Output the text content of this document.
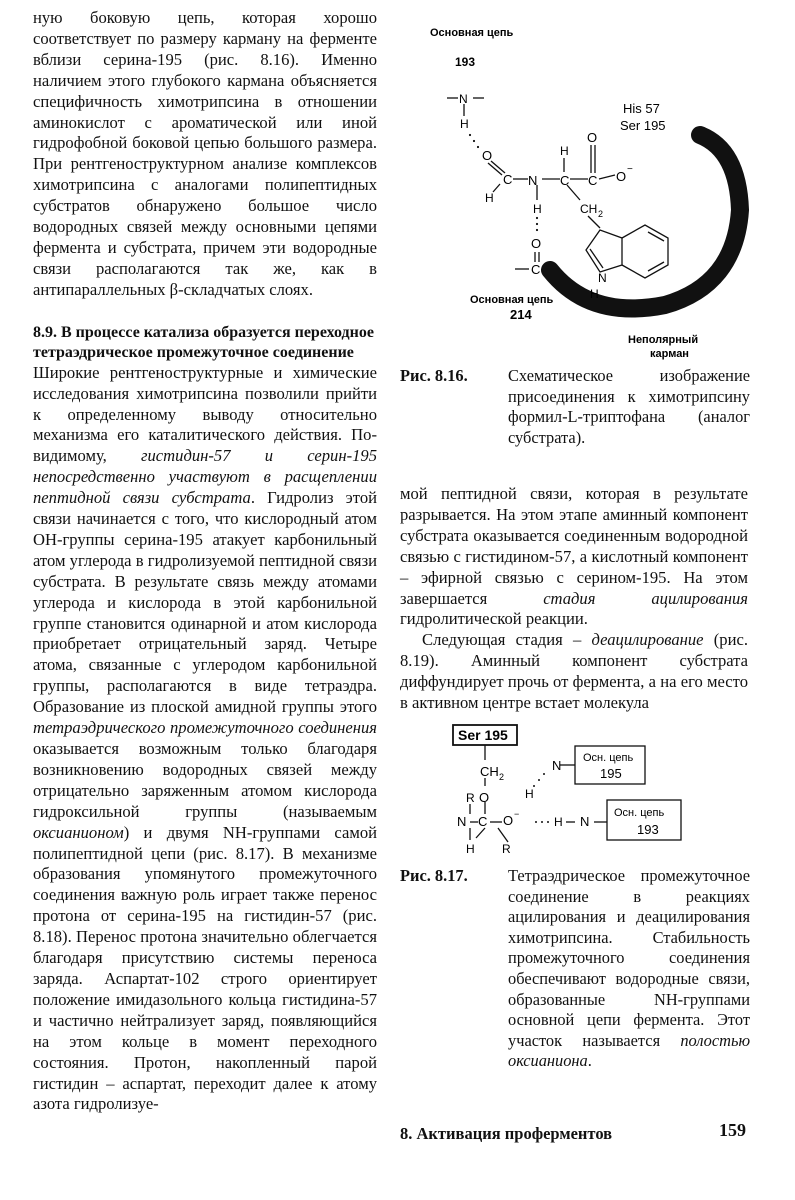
ную боковую цепь, которая хорошо соответствует по размеру карману на ферменте вблизи серина-195 (рис. 8.16). Именно наличием этого глубокого кармана объясняется специфичность химотрипсина в отношении аминокислот с ароматической или иной гидрофобной боковой цепью большого размера. При рентгеноструктурном анализе комплексов химотрипсина с аналогами полипептидных субстратов обнаружено большое число водородных связей между основными цепями фермента и субстрата, причем эти водородные связи располагаются так же, как в антипараллельных β-складчатых слоях.

8.9. В процессе катализа образуется переходное тетраэдрическое промежуточное соединение

Широкие рентгеноструктурные и химические исследования химотрипсина позволили прийти к определенному выводу относительно механизма его каталитического действия. По-видимому, гистидин-57 и серин-195 непосредственно участвуют в расщеплении пептидной связи субстрата. Гидролиз этой связи начинается с того, что кислородный атом ОН-группы серина-195 атакует карбонильный атом углерода в гидролизуемой пептидной связи субстрата. В результате связь между атомами углерода и кислорода в этой карбонильной группе становится одинарной и атом кислорода приобретает отрицательный заряд. Четыре атома, связанные с углеродом карбонильной группы, располагаются в виде тетраэдра. Образование из плоской амидной группы этого тетраэдрического промежуточного соединения оказывается возможным только благодаря возникновению водородных связей между отрицательно заряженным атомом кислорода гидроксильной группы (называемым оксианионом) и двумя NH-группами самой полипептидной цепи (рис. 8.17). В механизме образования упомянутого промежуточного соединения важную роль играет также перенос протона от серина-195 на гистидин-57 (рис. 8.18). Перенос протона значительно облегчается благодаря присутствию системы переноса заряда. Аспартат-102 строго ориентирует положение имидазольного кольца гистидина-57 и частично нейтрализует заряд, появляющийся на этом кольце в момент переходного состояния. Протон, накопленный парой гистидин – аспартат, переходит далее к атому азота гидролизуе-

Основная цепь
193
His 57
Ser 195
Основная цепь
214
Неполярный
карман
N
H
O
C
H
N C
H
C
O
O −
H	CH 2
N
H
O
C
Рис. 8.16. Схематическое изображение присоединения к химотрипсину формил-L-триптофана (аналог субстрата).

мой пептидной связи, которая в результате разрывается. На этом этапе аминный компонент субстрата оказывается соединенным водородной связью с гистидином-57, а кислотный компонент – эфирной связью с серином-195. На этом завершается стадия ацилирования гидролитической реакции.

Следующая стадия – деацилирование (рис. 8.19). Аминный компонент субстрата диффундирует прочь от фермента, а на его место в активном центре встает молекула

Ser 195
Осн. цепь
195
Осн. цепь
193
CH 2
O
N
R
H
C O −
R
N
H
H N
Рис. 8.17. Тетраэдрическое промежуточное соединение в реакциях ацилирования и деацилирования химотрипсина. Стабильность промежуточного соединения обеспечивают водородные связи, образованные NH-группами основной цепи фермента. Этот участок называется полостью оксианиона.
8. Активация проферментов	159
